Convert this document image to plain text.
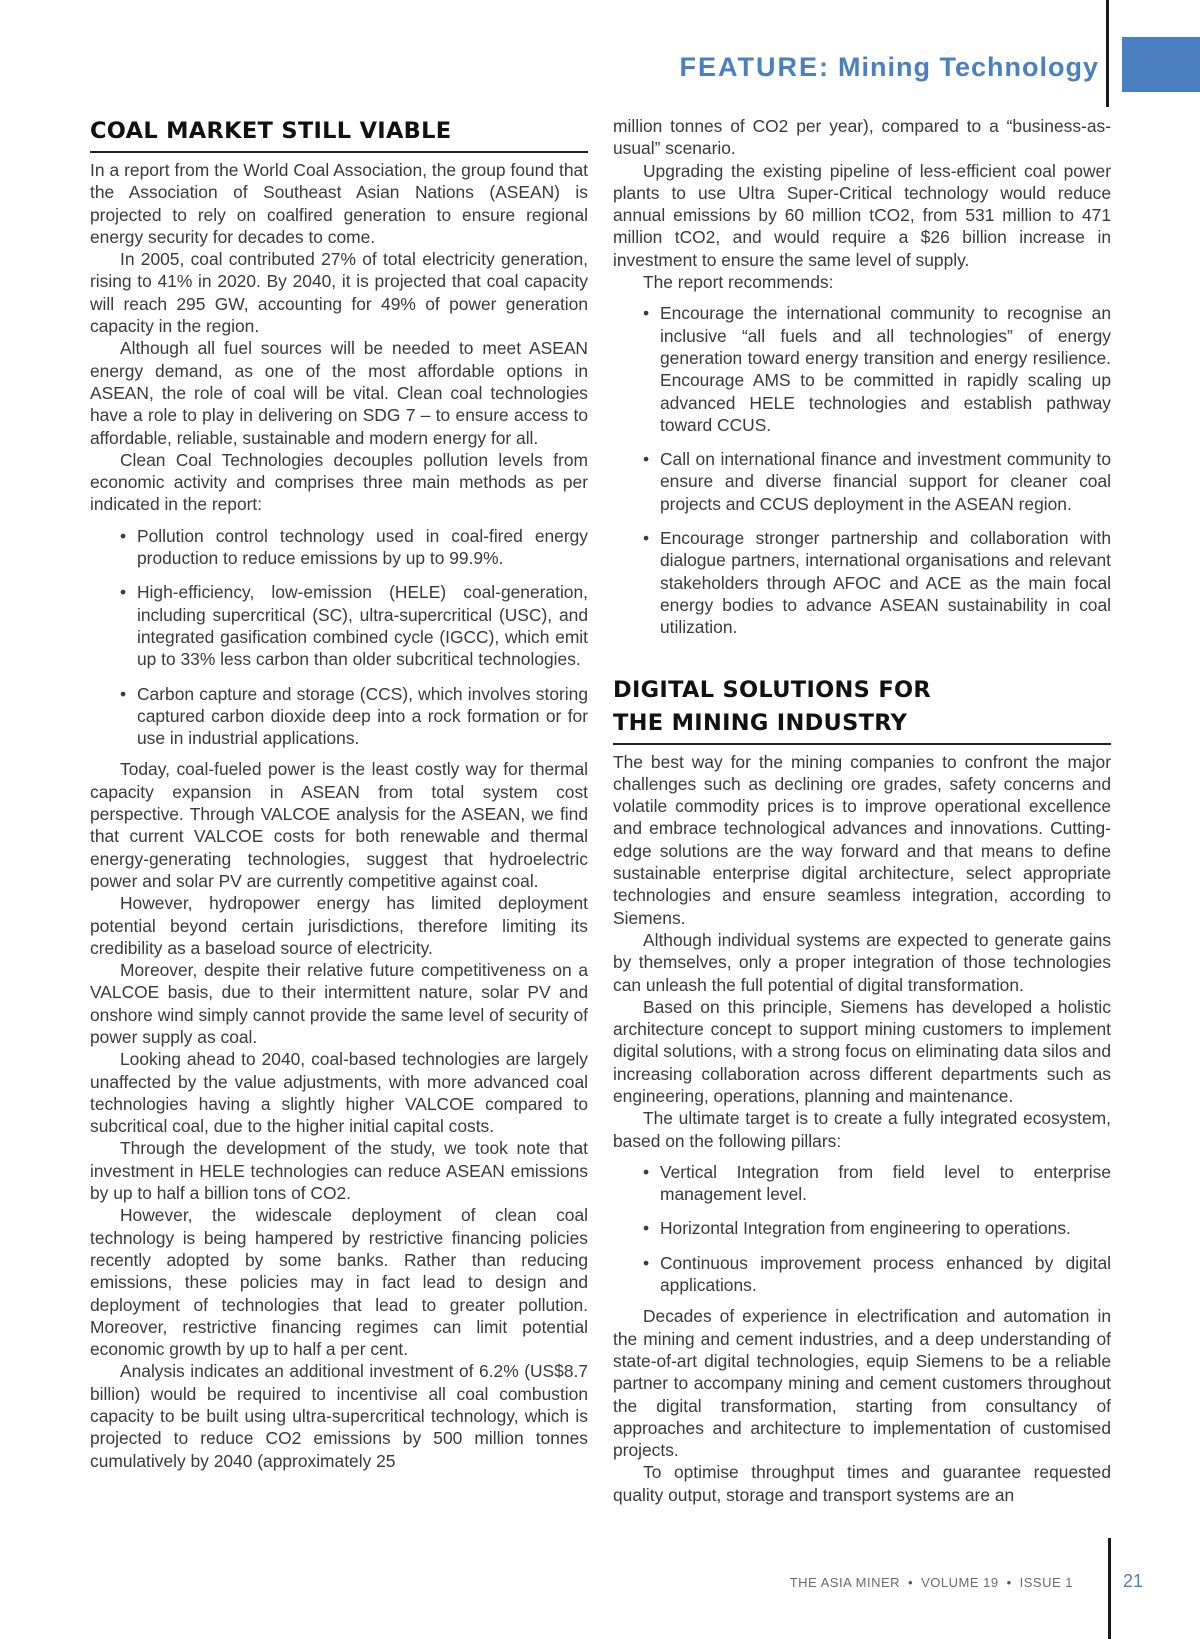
FEATURE: Mining Technology
COAL MARKET STILL VIABLE

In a report from the World Coal Association, the group found that the Association of Southeast Asian Nations (ASEAN) is projected to rely on coalfired generation to ensure regional energy security for decades to come.

In 2005, coal contributed 27% of total electricity generation, rising to 41% in 2020. By 2040, it is projected that coal capacity will reach 295 GW, accounting for 49% of power generation capacity in the region.

Although all fuel sources will be needed to meet ASEAN energy demand, as one of the most affordable options in ASEAN, the role of coal will be vital. Clean coal technologies have a role to play in delivering on SDG 7 – to ensure access to affordable, reliable, sustainable and modern energy for all.

Clean Coal Technologies decouples pollution levels from economic activity and comprises three main methods as per indicated in the report:

• Pollution control technology used in coal-fired energy production to reduce emissions by up to 99.9%.
• High-efficiency, low-emission (HELE) coal-generation, including supercritical (SC), ultra-supercritical (USC), and integrated gasification combined cycle (IGCC), which emit up to 33% less carbon than older subcritical technologies.
• Carbon capture and storage (CCS), which involves storing captured carbon dioxide deep into a rock formation or for use in industrial applications.

Today, coal-fueled power is the least costly way for thermal capacity expansion in ASEAN from total system cost perspective. Through VALCOE analysis for the ASEAN, we find that current VALCOE costs for both renewable and thermal energy-generating technologies, suggest that hydroelectric power and solar PV are currently competitive against coal.

However, hydropower energy has limited deployment potential beyond certain jurisdictions, therefore limiting its credibility as a baseload source of electricity.

Moreover, despite their relative future competitiveness on a VALCOE basis, due to their intermittent nature, solar PV and onshore wind simply cannot provide the same level of security of power supply as coal.

Looking ahead to 2040, coal-based technologies are largely unaffected by the value adjustments, with more advanced coal technologies having a slightly higher VALCOE compared to subcritical coal, due to the higher initial capital costs.

Through the development of the study, we took note that investment in HELE technologies can reduce ASEAN emissions by up to half a billion tons of CO2.

However, the widescale deployment of clean coal technology is being hampered by restrictive financing policies recently adopted by some banks. Rather than reducing emissions, these policies may in fact lead to design and deployment of technologies that lead to greater pollution. Moreover, restrictive financing regimes can limit potential economic growth by up to half a per cent.

Analysis indicates an additional investment of 6.2% (US$8.7 billion) would be required to incentivise all coal combustion capacity to be built using ultra-supercritical technology, which is projected to reduce CO2 emissions by 500 million tonnes cumulatively by 2040 (approximately 25

million tonnes of CO2 per year), compared to a “business-as-usual” scenario.

Upgrading the existing pipeline of less-efficient coal power plants to use Ultra Super-Critical technology would reduce annual emissions by 60 million tCO2, from 531 million to 471 million tCO2, and would require a $26 billion increase in investment to ensure the same level of supply.

The report recommends:

• Encourage the international community to recognise an inclusive “all fuels and all technologies” of energy generation toward energy transition and energy resilience. Encourage AMS to be committed in rapidly scaling up advanced HELE technologies and establish pathway toward CCUS.
• Call on international finance and investment community to ensure and diverse financial support for cleaner coal projects and CCUS deployment in the ASEAN region.
• Encourage stronger partnership and collaboration with dialogue partners, international organisations and relevant stakeholders through AFOC and ACE as the main focal energy bodies to advance ASEAN sustainability in coal utilization.
DIGITAL SOLUTIONS FOR
THE MINING INDUSTRY

The best way for the mining companies to confront the major challenges such as declining ore grades, safety concerns and volatile commodity prices is to improve operational excellence and embrace technological advances and innovations. Cutting-edge solutions are the way forward and that means to define sustainable enterprise digital architecture, select appropriate technologies and ensure seamless integration, according to Siemens.

Although individual systems are expected to generate gains by themselves, only a proper integration of those technologies can unleash the full potential of digital transformation.

Based on this principle, Siemens has developed a holistic architecture concept to support mining customers to implement digital solutions, with a strong focus on eliminating data silos and increasing collaboration across different departments such as engineering, operations, planning and maintenance.

The ultimate target is to create a fully integrated ecosystem, based on the following pillars:

• Vertical Integration from field level to enterprise management level.
• Horizontal Integration from engineering to operations.
• Continuous improvement process enhanced by digital applications.

Decades of experience in electrification and automation in the mining and cement industries, and a deep understanding of state-of-art digital technologies, equip Siemens to be a reliable partner to accompany mining and cement customers throughout the digital transformation, starting from consultancy of approaches and architecture to implementation of customised projects.

To optimise throughput times and guarantee requested quality output, storage and transport systems are an

THE ASIA MINER • VOLUME 19 • ISSUE 1	21
